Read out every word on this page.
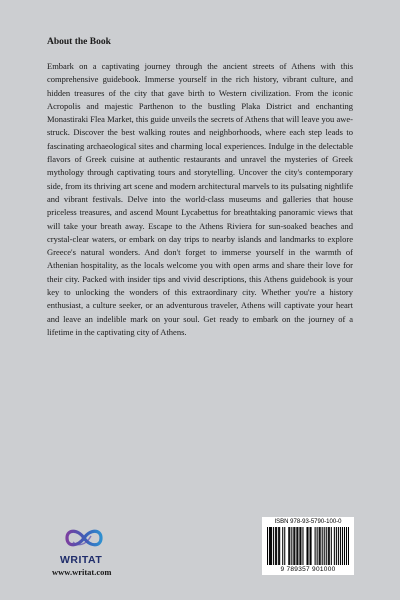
About the Book

Embark on a captivating journey through the ancient streets of Athens with this comprehensive guidebook. Immerse yourself in the rich history, vibrant culture, and hidden treasures of the city that gave birth to Western civilization. From the iconic Acropolis and majestic Parthenon to the bustling Plaka District and enchanting Monastiraki Flea Market, this guide unveils the secrets of Athens that will leave you awe-struck. Discover the best walking routes and neighborhoods, where each step leads to fascinating archaeological sites and charming local experiences. Indulge in the delectable flavors of Greek cuisine at authentic restaurants and unravel the mysteries of Greek mythology through captivating tours and storytelling. Uncover the city's contemporary side, from its thriving art scene and modern architectural marvels to its pulsating nightlife and vibrant festivals. Delve into the world-class museums and galleries that house priceless treasures, and ascend Mount Lycabettus for breathtaking panoramic views that will take your breath away. Escape to the Athens Riviera for sun-soaked beaches and crystal-clear waters, or embark on day trips to nearby islands and landmarks to explore Greece's natural wonders. And don't forget to immerse yourself in the warmth of Athenian hospitality, as the locals welcome you with open arms and share their love for their city. Packed with insider tips and vivid descriptions, this Athens guidebook is your key to unlocking the wonders of this extraordinary city. Whether you're a history enthusiast, a culture seeker, or an adventurous traveler, Athens will captivate your heart and leave an indelible mark on your soul. Get ready to embark on the journey of a lifetime in the captivating city of Athens.

WRITAT
www.writat.com
ISBN 978-93-5790-100-0
9 789357 901000
